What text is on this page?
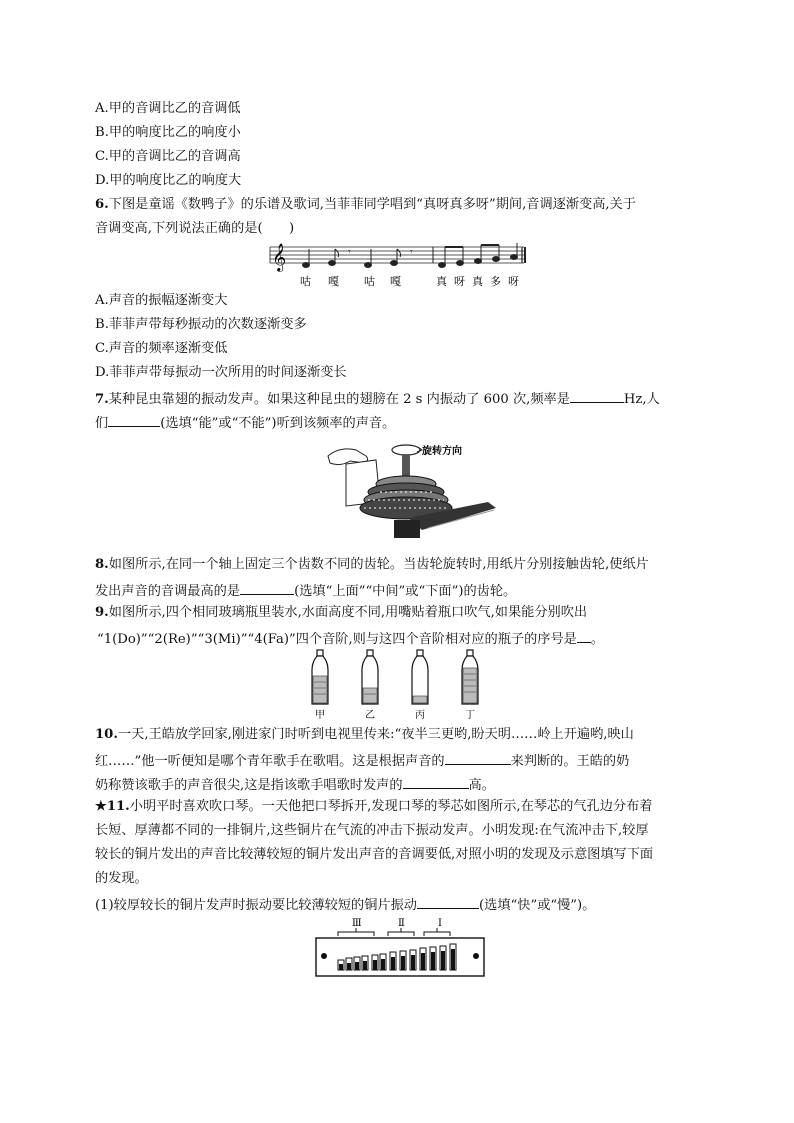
A.甲的音调比乙的音调低
B.甲的响度比乙的响度小
C.甲的音调比乙的音调高
D.甲的响度比乙的响度大
6.下图是童谣《数鸭子》的乐谱及歌词,当菲菲同学唱到“真呀真多呀”期间,音调逐渐变高,关于
音调变高,下列说法正确的是(　　)
𝄞	𝄾	𝄾
咕 嘎 咕 嘎	真 呀 真 多 呀
A.声音的振幅逐渐变大
B.菲菲声带每秒振动的次数逐渐变多
C.声音的频率逐渐变低
D.菲菲声带每振动一次所用的时间逐渐变长
7.某种昆虫靠翅的振动发声。如果这种昆虫的翅膀在 2 s 内振动了 600 次,频率是	Hz,人
们	(选填“能”或“不能”)听到该频率的声音。
旋转方向
8.如图所示,在同一个轴上固定三个齿数不同的齿轮。当齿轮旋转时,用纸片分别接触齿轮,使纸片
发出声音的音调最高的是	(选填“上面”“中间”或“下面”)的齿轮。
9.如图所示,四个相同玻璃瓶里装水,水面高度不同,用嘴贴着瓶口吹气,如果能分别吹出
“1(Do)”“2(Re)”“3(Mi)”“4(Fa)”四个音阶,则与这四个音阶相对应的瓶子的序号是 。
甲	乙	丙	丁
10.一天,王皓放学回家,刚进家门时听到电视里传来:“夜半三更哟,盼天明……岭上开遍哟,映山
红……”他一听便知是哪个青年歌手在歌唱。这是根据声音的	来判断的。王皓的奶
奶称赞该歌手的声音很尖,这是指该歌手唱歌时发声的	高。
★11.小明平时喜欢吹口琴。一天他把口琴拆开,发现口琴的琴芯如图所示,在琴芯的气孔边分布着
长短、厚薄都不同的一排铜片,这些铜片在气流的冲击下振动发声。小明发现:在气流冲击下,较厚
较长的铜片发出的声音比较薄较短的铜片发出声音的音调要低,对照小明的发现及示意图填写下面
的发现。
(1)较厚较长的铜片发声时振动要比较薄较短的铜片振动	(选填“快”或“慢”)。
Ⅲ	Ⅱ	Ⅰ
